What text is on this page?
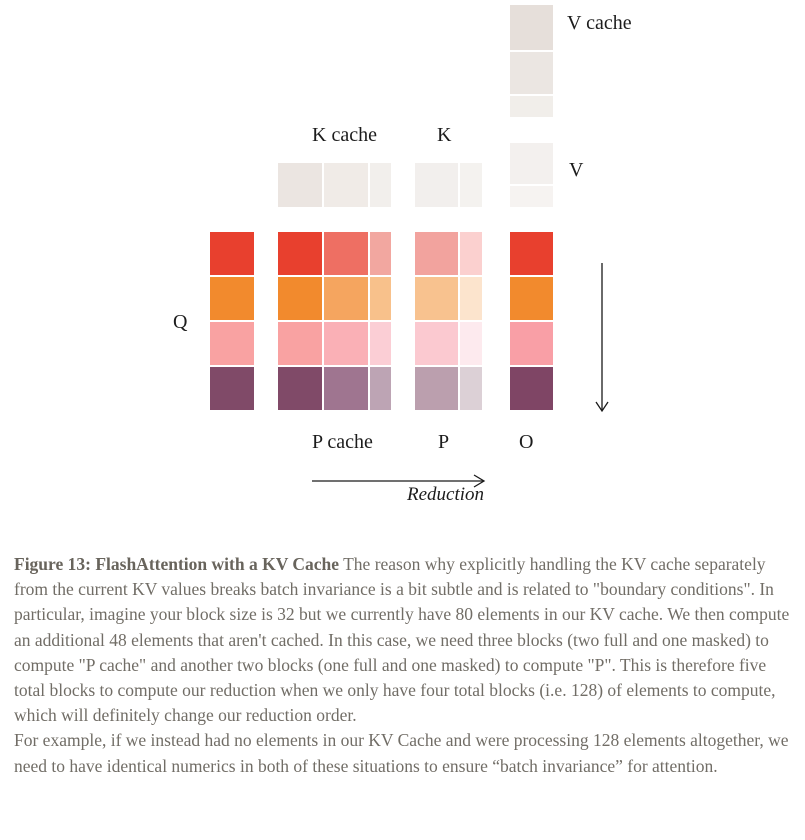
V cache
K cache	K
V
Q
P cache	P	O
Reduction

Figure 13: FlashAttention with a KV Cache The reason why explicitly handling the KV cache separately from the current KV values breaks batch invariance is a bit subtle and is related to "boundary conditions". In particular, imagine your block size is 32 but we currently have 80 elements in our KV cache. We then compute an additional 48 elements that aren't cached. In this case, we need three blocks (two full and one masked) to compute "P cache" and another two blocks (one full and one masked) to compute "P". This is therefore five total blocks to compute our reduction when we only have four total blocks (i.e. 128) of elements to compute, which will definitely change our reduction order.

For example, if we instead had no elements in our KV Cache and were processing 128 elements altogether, we need to have identical numerics in both of these situations to ensure “batch invariance” for attention.
